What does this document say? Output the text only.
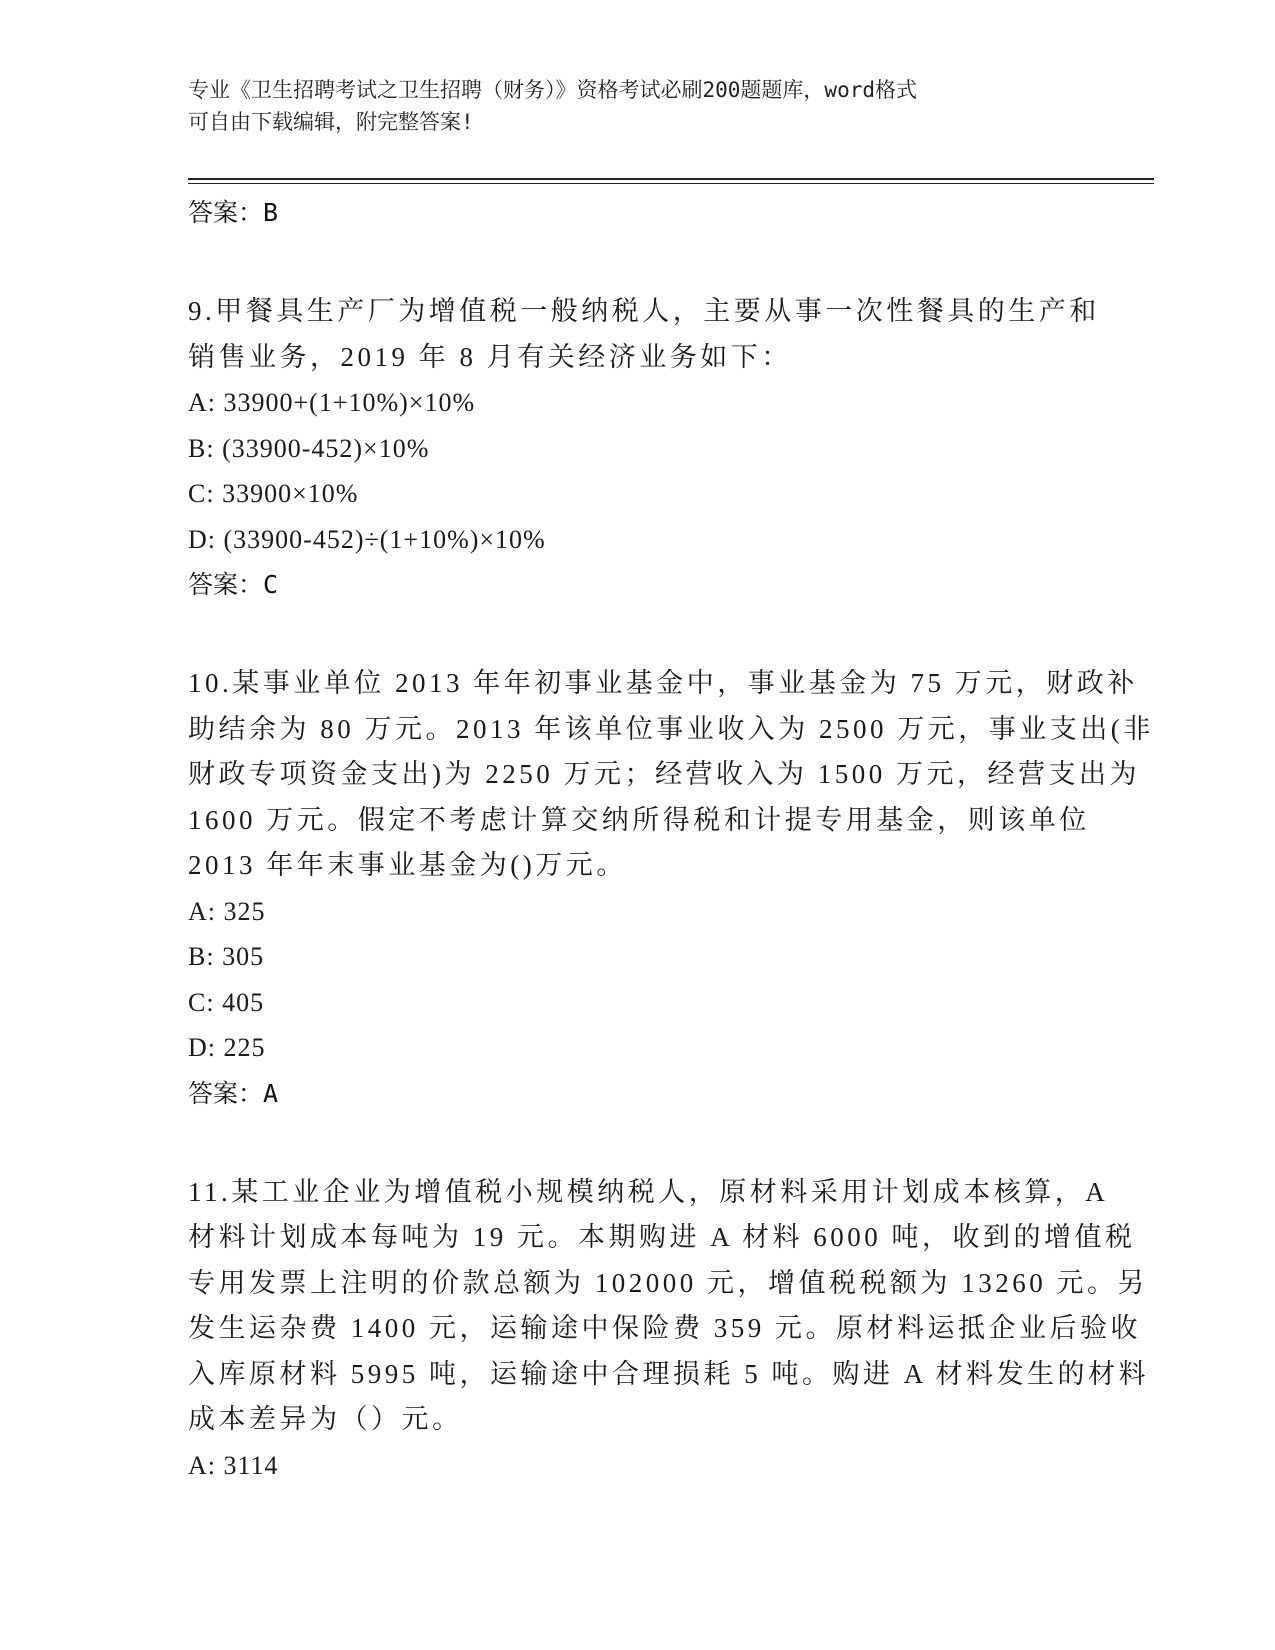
专业《卫生招聘考试之卫生招聘（财务）》资格考试必刷200题题库，word格式
可自由下载编辑，附完整答案!
答案：B
9.甲餐具生产厂为增值税一般纳税人，主要从事一次性餐具的生产和
销售业务，2019 年 8 月有关经济业务如下：
A: 33900+(1+10%)×10%
B: (33900-452)×10%
C: 33900×10%
D: (33900-452)÷(1+10%)×10%
答案：C
10.某事业单位 2013 年年初事业基金中，事业基金为 75 万元，财政补
助结余为 80 万元。2013 年该单位事业收入为 2500 万元，事业支出(非
财政专项资金支出)为 2250 万元；经营收入为 1500 万元，经营支出为
1600 万元。假定不考虑计算交纳所得税和计提专用基金，则该单位
2013 年年末事业基金为()万元。
A: 325
B: 305
C: 405
D: 225
答案：A
11.某工业企业为增值税小规模纳税人，原材料采用计划成本核算，A
材料计划成本每吨为 19 元。本期购进 A 材料 6000 吨，收到的增值税
专用发票上注明的价款总额为 102000 元，增值税税额为 13260 元。另
发生运杂费 1400 元，运输途中保险费 359 元。原材料运抵企业后验收
入库原材料 5995 吨，运输途中合理损耗 5 吨。购进 A 材料发生的材料
成本差异为（）元。
A: 3114
